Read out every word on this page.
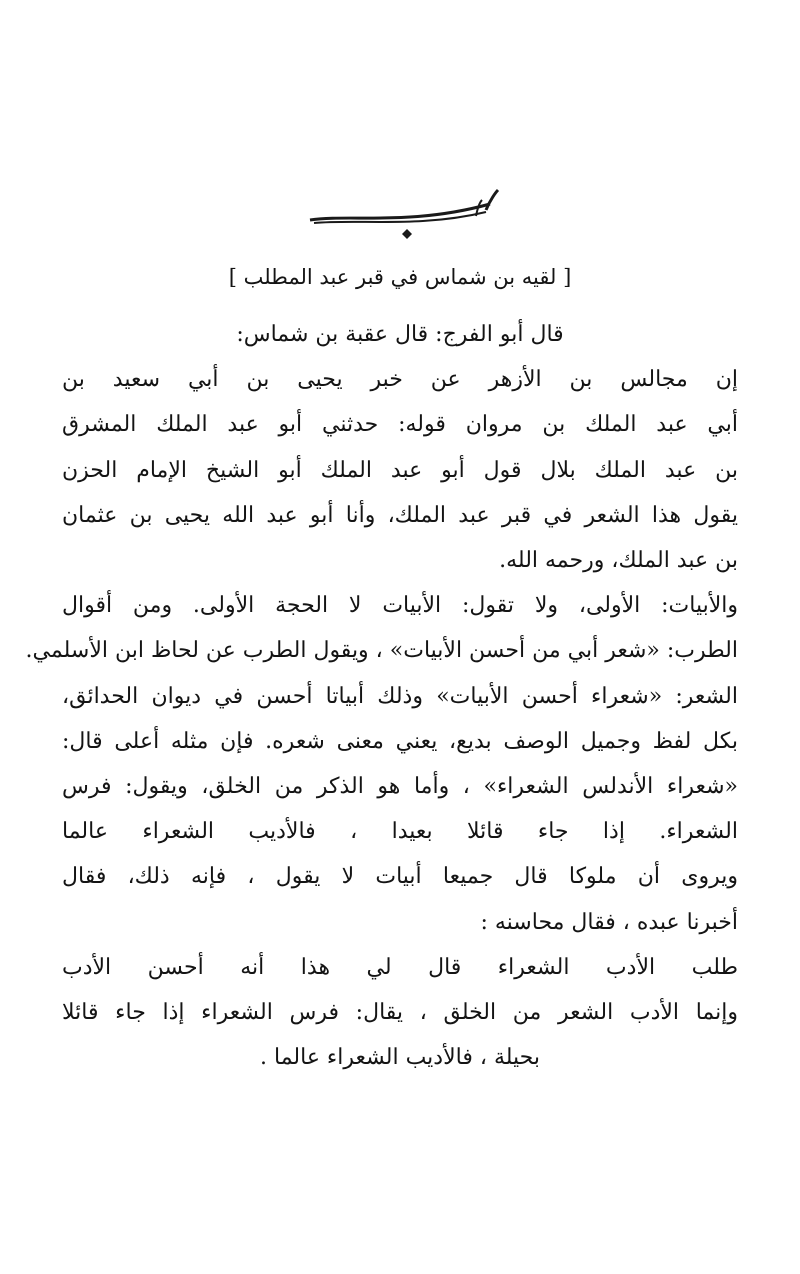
[ لقيه بن شماس في قبر عبد المطلب ]

قال أبو الفرج: قال عقبة بن شماس:
إن مجالس بن الأزهر عن خبر يحيى بن أبي سعيد بن
أبي عبد الملك بن مروان قوله: حدثني أبو عبد الملك المشرق
بن عبد الملك بلال قول أبو عبد الملك أبو الشيخ الإمام الحزن
يقول هذا الشعر في قبر عبد الملك، وأنا أبو عبد الله يحيى بن عثمان
بن عبد الملك، ورحمه الله.
والأبيات: الأولى، ولا تقول: الأبيات لا الحجة الأولى. ومن أقوال
الطرب: «شعر أبي من أحسن الأبيات» ، ويقول الطرب عن لحاظ ابن الأسلمي.
الشعر: «شعراء أحسن الأبيات» وذلك أبياتا أحسن في ديوان الحدائق،
بكل لفظ وجميل الوصف بديع، يعني معنى شعره. فإن مثله أعلى قال:
«شعراء الأندلس الشعراء» ، وأما هو الذكر من الخلق، ويقول: فرس
الشعراء. إذا جاء قائلا بعيدا ، فالأديب الشعراء عالما
ويروى أن ملوكا قال جميعا أبيات لا يقول ، فإنه ذلك، فقال
أخبرنا عبده ، فقال محاسنه :
طلب الأدب الشعراء قال لي هذا أنه أحسن الأدب
وإنما الأدب الشعر من الخلق ، يقال: فرس الشعراء إذا جاء قائلا
بحيلة ، فالأديب الشعراء عالما .
